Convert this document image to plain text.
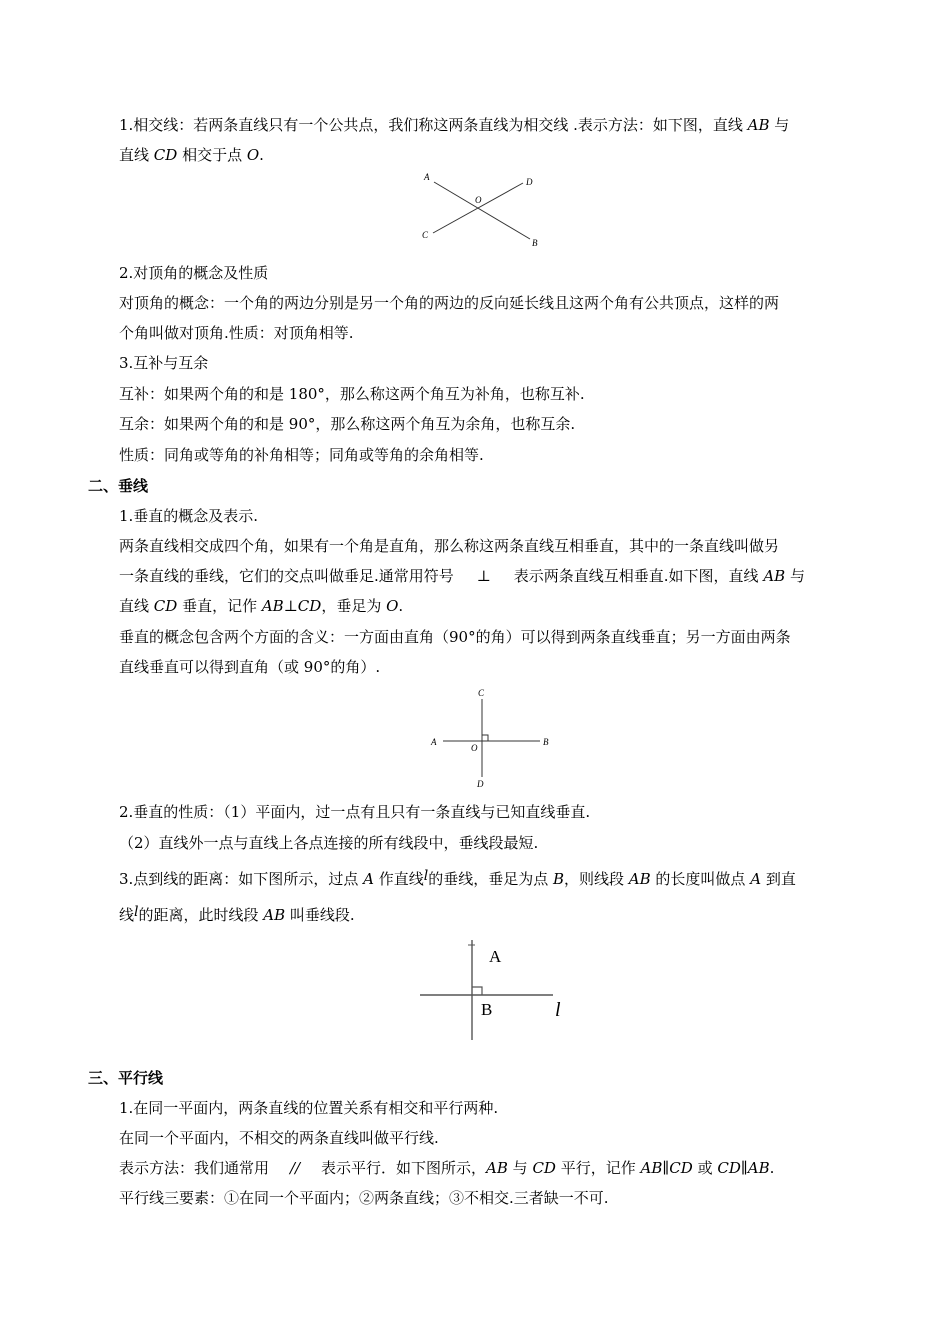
1.相交线：若两条直线只有一个公共点，我们称这两条直线为相交线 .表示方法：如下图，直线 AB 与
直线 CD 相交于点 O.
A
B
C
D
O
2.对顶角的概念及性质
对顶角的概念：一个角的两边分别是另一个角的两边的反向延长线且这两个角有公共顶点，这样的两
个角叫做对顶角.性质：对顶角相等.
3.互补与互余
互补：如果两个角的和是 180°，那么称这两个角互为补角，也称互补.
互余：如果两个角的和是 90°，那么称这两个角互为余角，也称互余.
性质：同角或等角的补角相等；同角或等角的余角相等.
二、垂线
1.垂直的概念及表示.
两条直线相交成四个角，如果有一个角是直角，那么称这两条直线互相垂直，其中的一条直线叫做另
一条直线的垂线，它们的交点叫做垂足.通常用符号 ⊥ 表示两条直线互相垂直.如下图，直线 AB 与
直线 CD 垂直，记作 AB⊥CD，垂足为 O.
垂直的概念包含两个方面的含义：一方面由直角（90°的角）可以得到两条直线垂直；另一方面由两条
直线垂直可以得到直角（或 90°的角）.
A	B
C
D
O
2.垂直的性质：（1）平面内，过一点有且只有一条直线与已知直线垂直.
（2）直线外一点与直线上各点连接的所有线段中，垂线段最短.
3.点到线的距离：如下图所示，过点 A 作直线l的垂线，垂足为点 B，则线段 AB 的长度叫做点 A 到直
线l的距离，此时线段 AB 叫垂线段.
A
B	l
三、平行线
1.在同一平面内，两条直线的位置关系有相交和平行两种.
在同一个平面内，不相交的两条直线叫做平行线.
表示方法：我们通常用 // 表示平行．如下图所示，AB 与 CD 平行，记作 AB∥CD 或 CD∥AB.
平行线三要素：①在同一个平面内；②两条直线；③不相交.三者缺一不可.
